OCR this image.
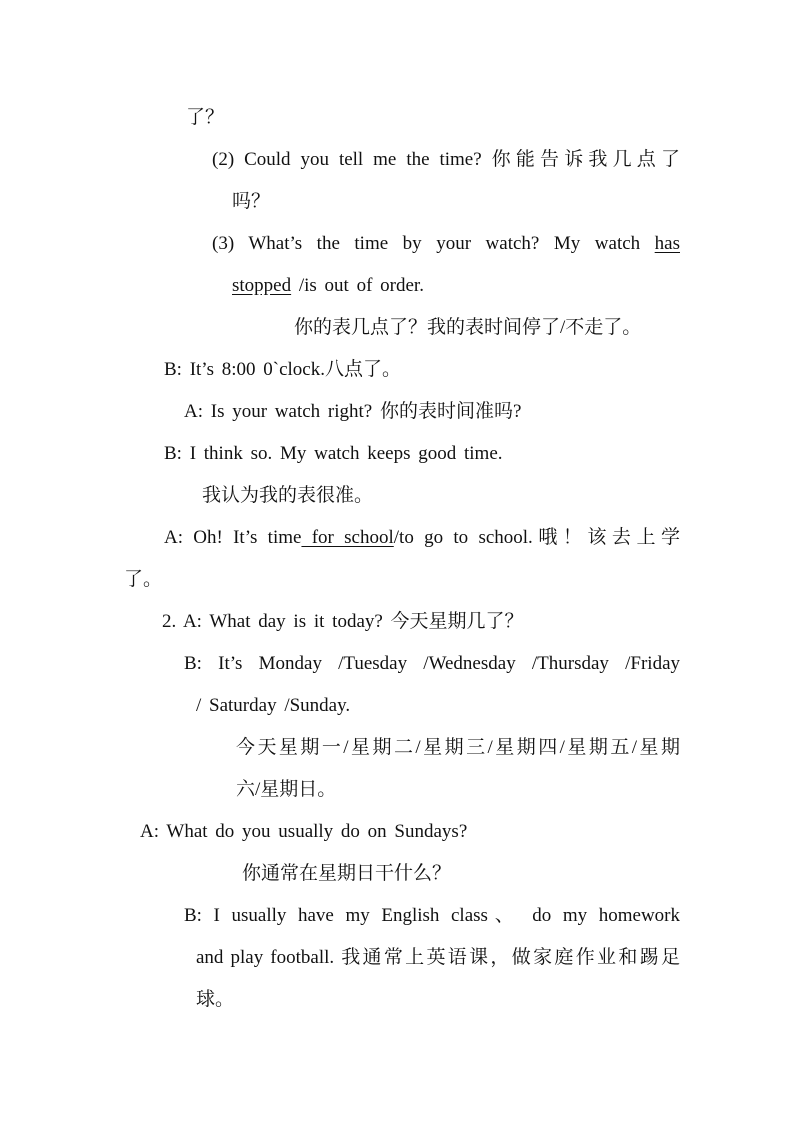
了？
(2) Could you tell me the time? 你能告诉我几点了
吗？
(3) What’s the time by your watch? My watch has
stopped /is out of order.
你的表几点了？我的表时间停了/不走了。
B: It’s 8:00 0`clock.八点了。
A: Is your watch right? 你的表时间准吗?
B: I think so. My watch keeps good time.
我认为我的表很准。
A: Oh! It’s time for school/to go to school.哦！该去上学
了。
2. A: What day is it today? 今天星期几了？
B: It’s Monday /Tuesday /Wednesday /Thursday /Friday
/ Saturday /Sunday.
今天星期一/星期二/星期三/星期四/星期五/星期
六/星期日。
A: What do you usually do on Sundays?
你通常在星期日干什么？
B: I usually have my English class、 do my homework
and play football. 我通常上英语课，做家庭作业和踢足
球。
